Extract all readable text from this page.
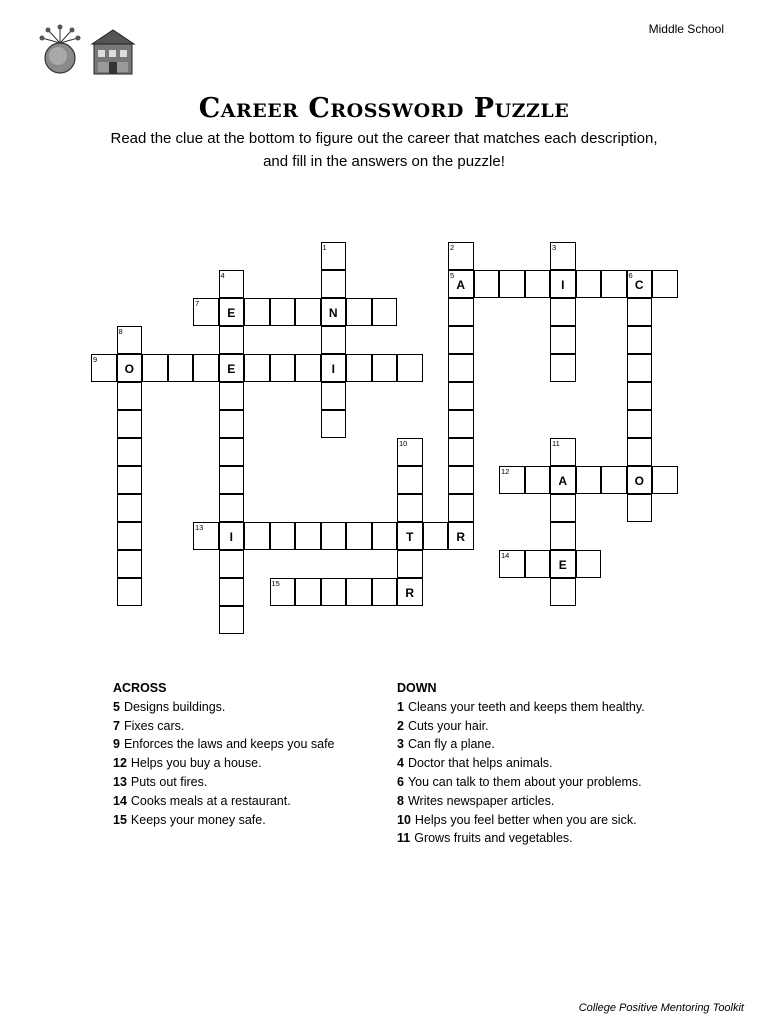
Middle School
Career Crossword Puzzle
Read the clue at the bottom to figure out the career that matches each description, and fill in the answers on the puzzle!
1
N
I
2
5
A
R
3
I
4
E
E
I
6
C
O
7
8
O
9
10
T
R
11
A
E
12
13
14
15
ACROSS
5 Designs buildings.
7 Fixes cars.
9 Enforces the laws and keeps you safe
12 Helps you buy a house.
13 Puts out fires.
14 Cooks meals at a restaurant.
15 Keeps your money safe.
DOWN
1 Cleans your teeth and keeps them healthy.
2 Cuts your hair.
3 Can fly a plane.
4 Doctor that helps animals.
6 You can talk to them about your problems.
8 Writes newspaper articles.
10 Helps you feel better when you are sick.
11 Grows fruits and vegetables.
College Positive Mentoring Toolkit
